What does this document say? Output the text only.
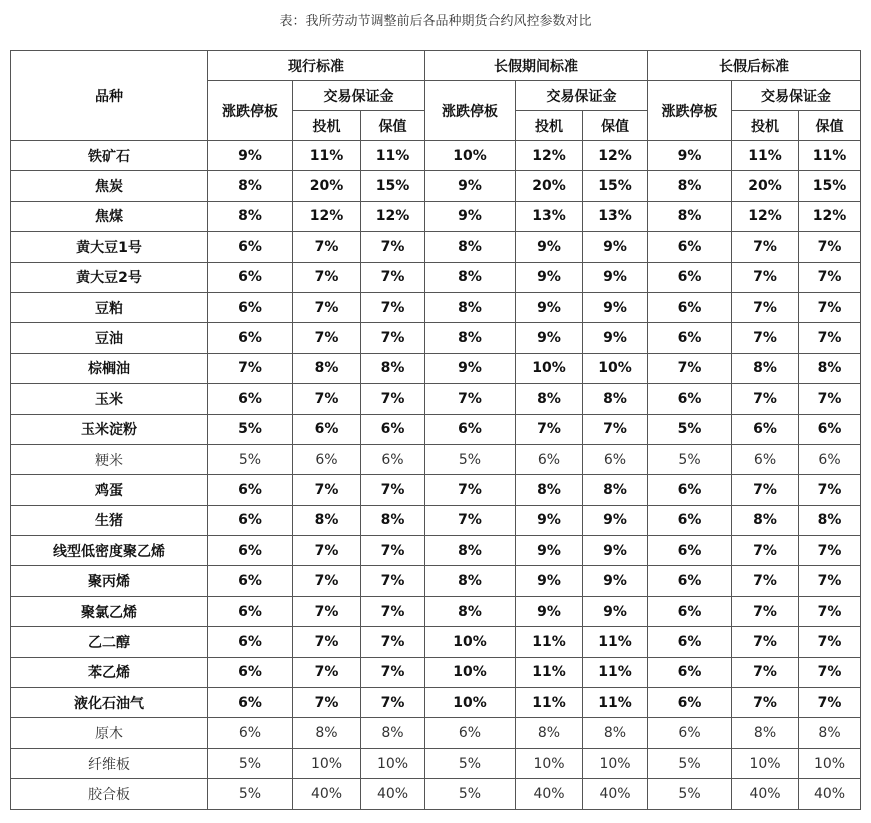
表：我所劳动节调整前后各品种期货合约风控参数对比
品种	现行标准			长假期间标准			长假后标准		
	涨跌停板	交易保证金		涨跌停板	交易保证金		涨跌停板	交易保证金	
		投机	保值		投机	保值		投机	保值
铁矿石	9%	11%	11%	10%	12%	12%	9%	11%	11%
焦炭	8%	20%	15%	9%	20%	15%	8%	20%	15%
焦煤	8%	12%	12%	9%	13%	13%	8%	12%	12%
黄大豆1号	6%	7%	7%	8%	9%	9%	6%	7%	7%
黄大豆2号	6%	7%	7%	8%	9%	9%	6%	7%	7%
豆粕	6%	7%	7%	8%	9%	9%	6%	7%	7%
豆油	6%	7%	7%	8%	9%	9%	6%	7%	7%
棕榈油	7%	8%	8%	9%	10%	10%	7%	8%	8%
玉米	6%	7%	7%	7%	8%	8%	6%	7%	7%
玉米淀粉	5%	6%	6%	6%	7%	7%	5%	6%	6%
粳米	5%	6%	6%	5%	6%	6%	5%	6%	6%
鸡蛋	6%	7%	7%	7%	8%	8%	6%	7%	7%
生猪	6%	8%	8%	7%	9%	9%	6%	8%	8%
线型低密度聚乙烯	6%	7%	7%	8%	9%	9%	6%	7%	7%
聚丙烯	6%	7%	7%	8%	9%	9%	6%	7%	7%
聚氯乙烯	6%	7%	7%	8%	9%	9%	6%	7%	7%
乙二醇	6%	7%	7%	10%	11%	11%	6%	7%	7%
苯乙烯	6%	7%	7%	10%	11%	11%	6%	7%	7%
液化石油气	6%	7%	7%	10%	11%	11%	6%	7%	7%
原木	6%	8%	8%	6%	8%	8%	6%	8%	8%
纤维板	5%	10%	10%	5%	10%	10%	5%	10%	10%
胶合板	5%	40%	40%	5%	40%	40%	5%	40%	40%
